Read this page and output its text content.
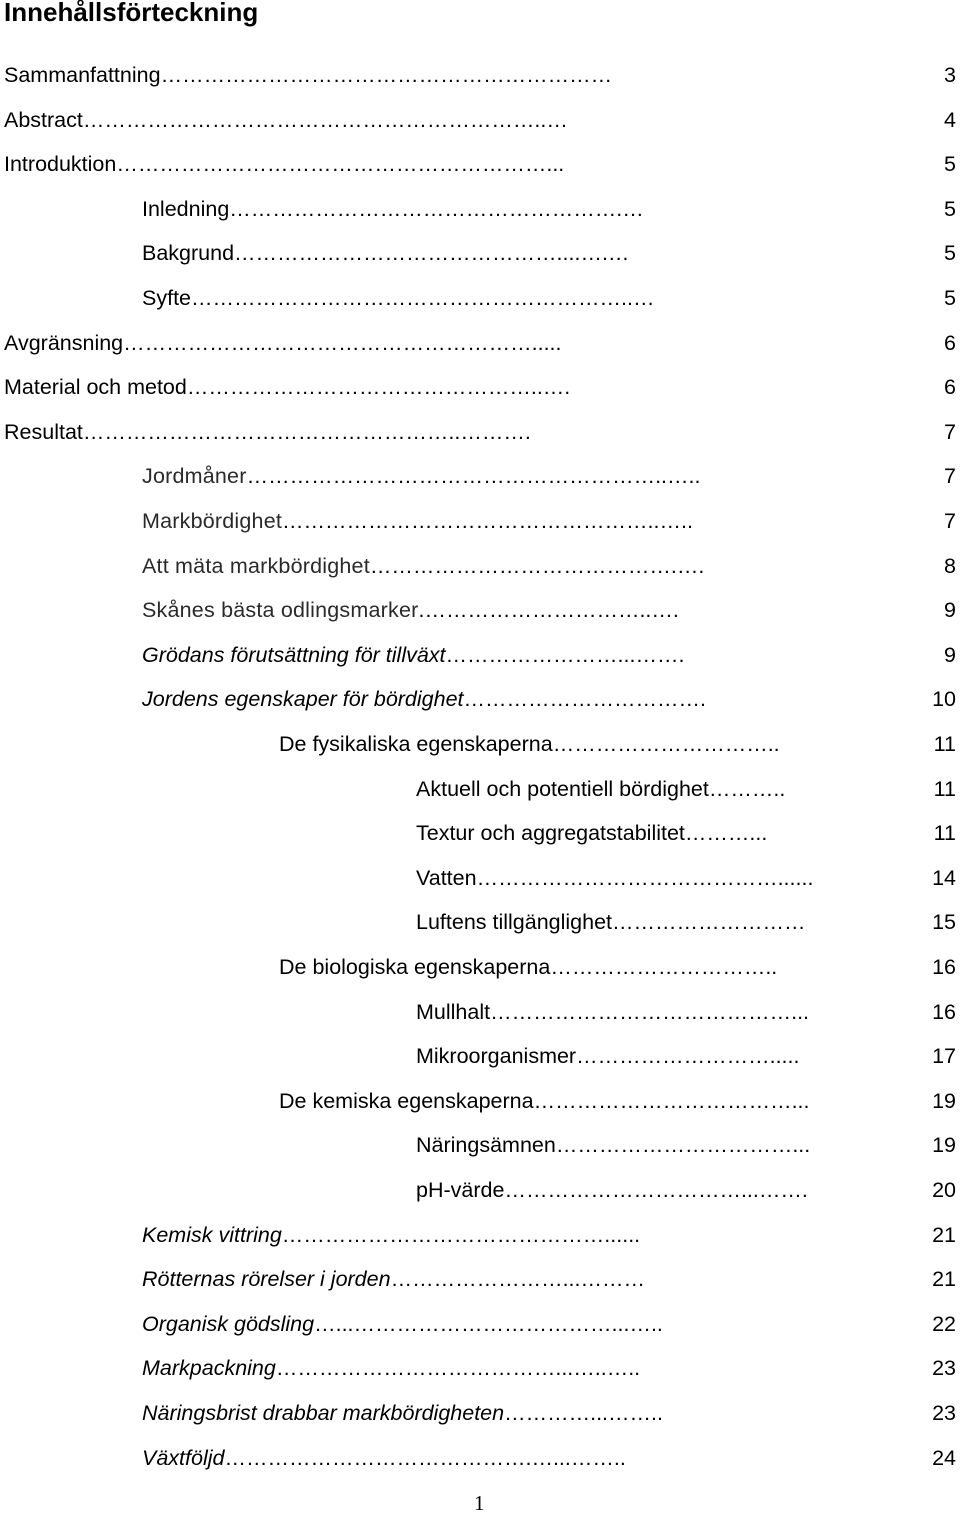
Innehållsförteckning
Sammanfattning ………………………………………………………	3
Abstract ………………………………………………………..…	4
Introduktion ……………………………………………………...	5
Inledning ……………………………………………….…	5
Bakgrund ………………………………………....….…	5
Syfte ……………………………………………………..…	5
Avgränsning ………………………………………………….....	6
Material och metod …………………………………………..….	6
Resultat ……………………………………………..……….	7
Jordmåner …………………………………………………..…..	7
Markbördighet ……………………………………………..…..	7
Att mäta markbördighet …………………………………….….	8
Skånes bästa odlingsmarker .…………………………..….	9
Grödans förutsättning för tillväxt ……………………...…….	9
Jordens egenskaper för bördighet …………………………….	10
De fysikaliska egenskaperna …………………………..	11
Aktuell och potentiell bördighet ………..	11
Textur och aggregatstabilitet ………...	11
Vatten ……………………………………......	14
Luftens tillgänglighet ………………………	15
De biologiska egenskaperna …………………………..	16
Mullhalt ……………………………………...	16
Mikroorganismer ……………………….....	17
De kemiska egenskaperna ………………………………...	19
Näringsämnen ……………………………...	19
pH-värde ……………………………...…….	20
Kemisk vittring ………………………………………......	21
Rötternas rörelser i jorden ……………………...………	21
Organisk gödsling …...………………………………...…..	22
Markpackning …………………………………...…..…..	23
Näringsbrist drabbar markbördigheten …………...……..	23
Växtföljd …………………………………….…...……..	24
1
